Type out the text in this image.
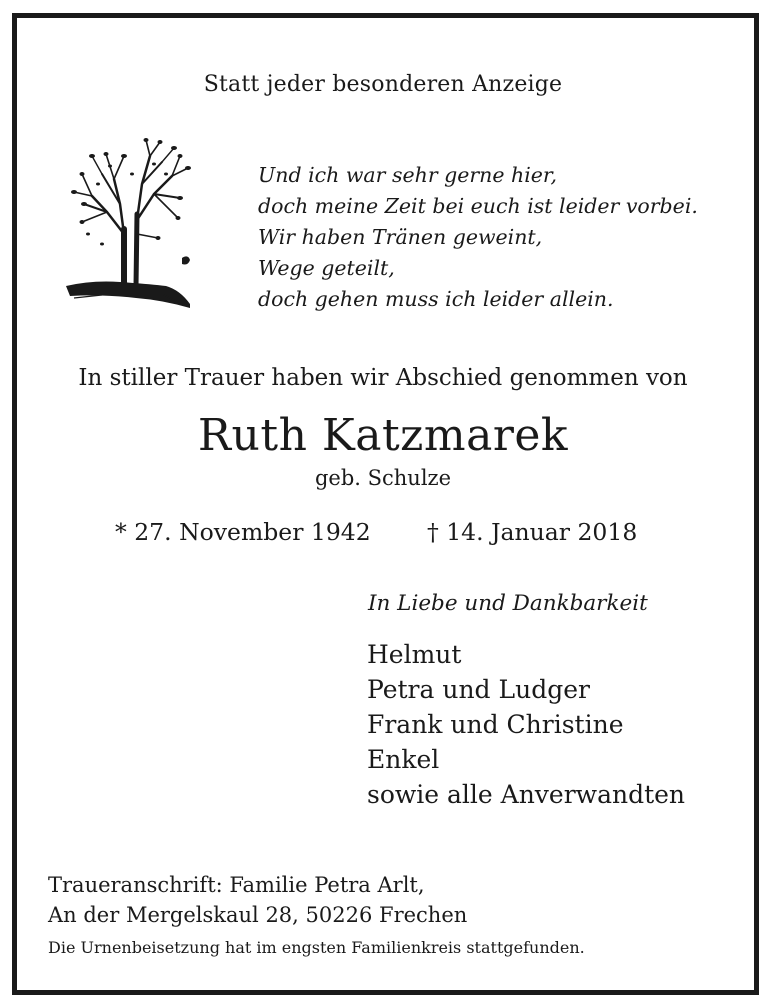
Statt jeder besonderen Anzeige
Und ich war sehr gerne hier,
doch meine Zeit bei euch ist leider vorbei.
Wir haben Tränen geweint,
Wege geteilt,
doch gehen muss ich leider allein.
In stiller Trauer haben wir Abschied genommen von
Ruth Katzmarek
geb. Schulze
* 27. November 1942 † 14. Januar 2018
In Liebe und Dankbarkeit
Helmut
Petra und Ludger
Frank und Christine
Enkel
sowie alle Anverwandten
Traueranschrift: Familie Petra Arlt,
An der Mergelskaul 28, 50226 Frechen
Die Urnenbeisetzung hat im engsten Familienkreis stattgefunden.
